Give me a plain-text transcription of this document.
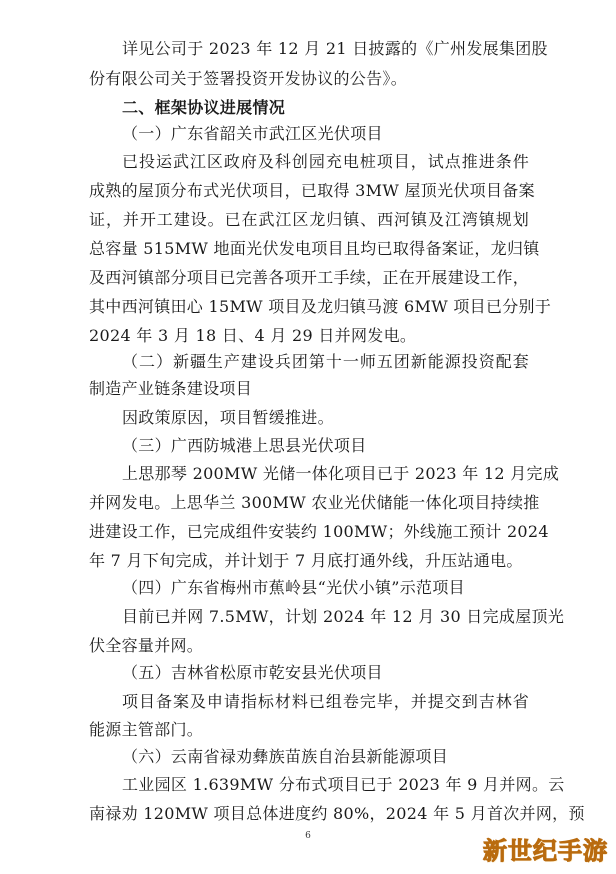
详见公司于 2023 年 12 月 21 日披露的《广州发展集团股
份有限公司关于签署投资开发协议的公告》。
二、框架协议进展情况
（一）广东省韶关市武江区光伏项目
已投运武江区政府及科创园充电桩项目，试点推进条件
成熟的屋顶分布式光伏项目，已取得 3MW 屋顶光伏项目备案
证，并开工建设。已在武江区龙归镇、西河镇及江湾镇规划
总容量 515MW 地面光伏发电项目且均已取得备案证，龙归镇
及西河镇部分项目已完善各项开工手续，正在开展建设工作，
其中西河镇田心 15MW 项目及龙归镇马渡 6MW 项目已分别于
2024 年 3 月 18 日、4 月 29 日并网发电。
（二）新疆生产建设兵团第十一师五团新能源投资配套
制造产业链条建设项目
因政策原因，项目暂缓推进。
（三）广西防城港上思县光伏项目
上思那琴 200MW 光储一体化项目已于 2023 年 12 月完成
并网发电。上思华兰 300MW 农业光伏储能一体化项目持续推
进建设工作，已完成组件安装约 100MW；外线施工预计 2024
年 7 月下旬完成，并计划于 7 月底打通外线，升压站通电。
（四）广东省梅州市蕉岭县“光伏小镇”示范项目
目前已并网 7.5MW，计划 2024 年 12 月 30 日完成屋顶光
伏全容量并网。
（五）吉林省松原市乾安县光伏项目
项目备案及申请指标材料已组卷完毕，并提交到吉林省
能源主管部门。
（六）云南省禄劝彝族苗族自治县新能源项目
工业园区 1.639MW 分布式项目已于 2023 年 9 月并网。云
南禄劝 120MW 项目总体进度约 80%，2024 年 5 月首次并网，预
6
新世纪手游
